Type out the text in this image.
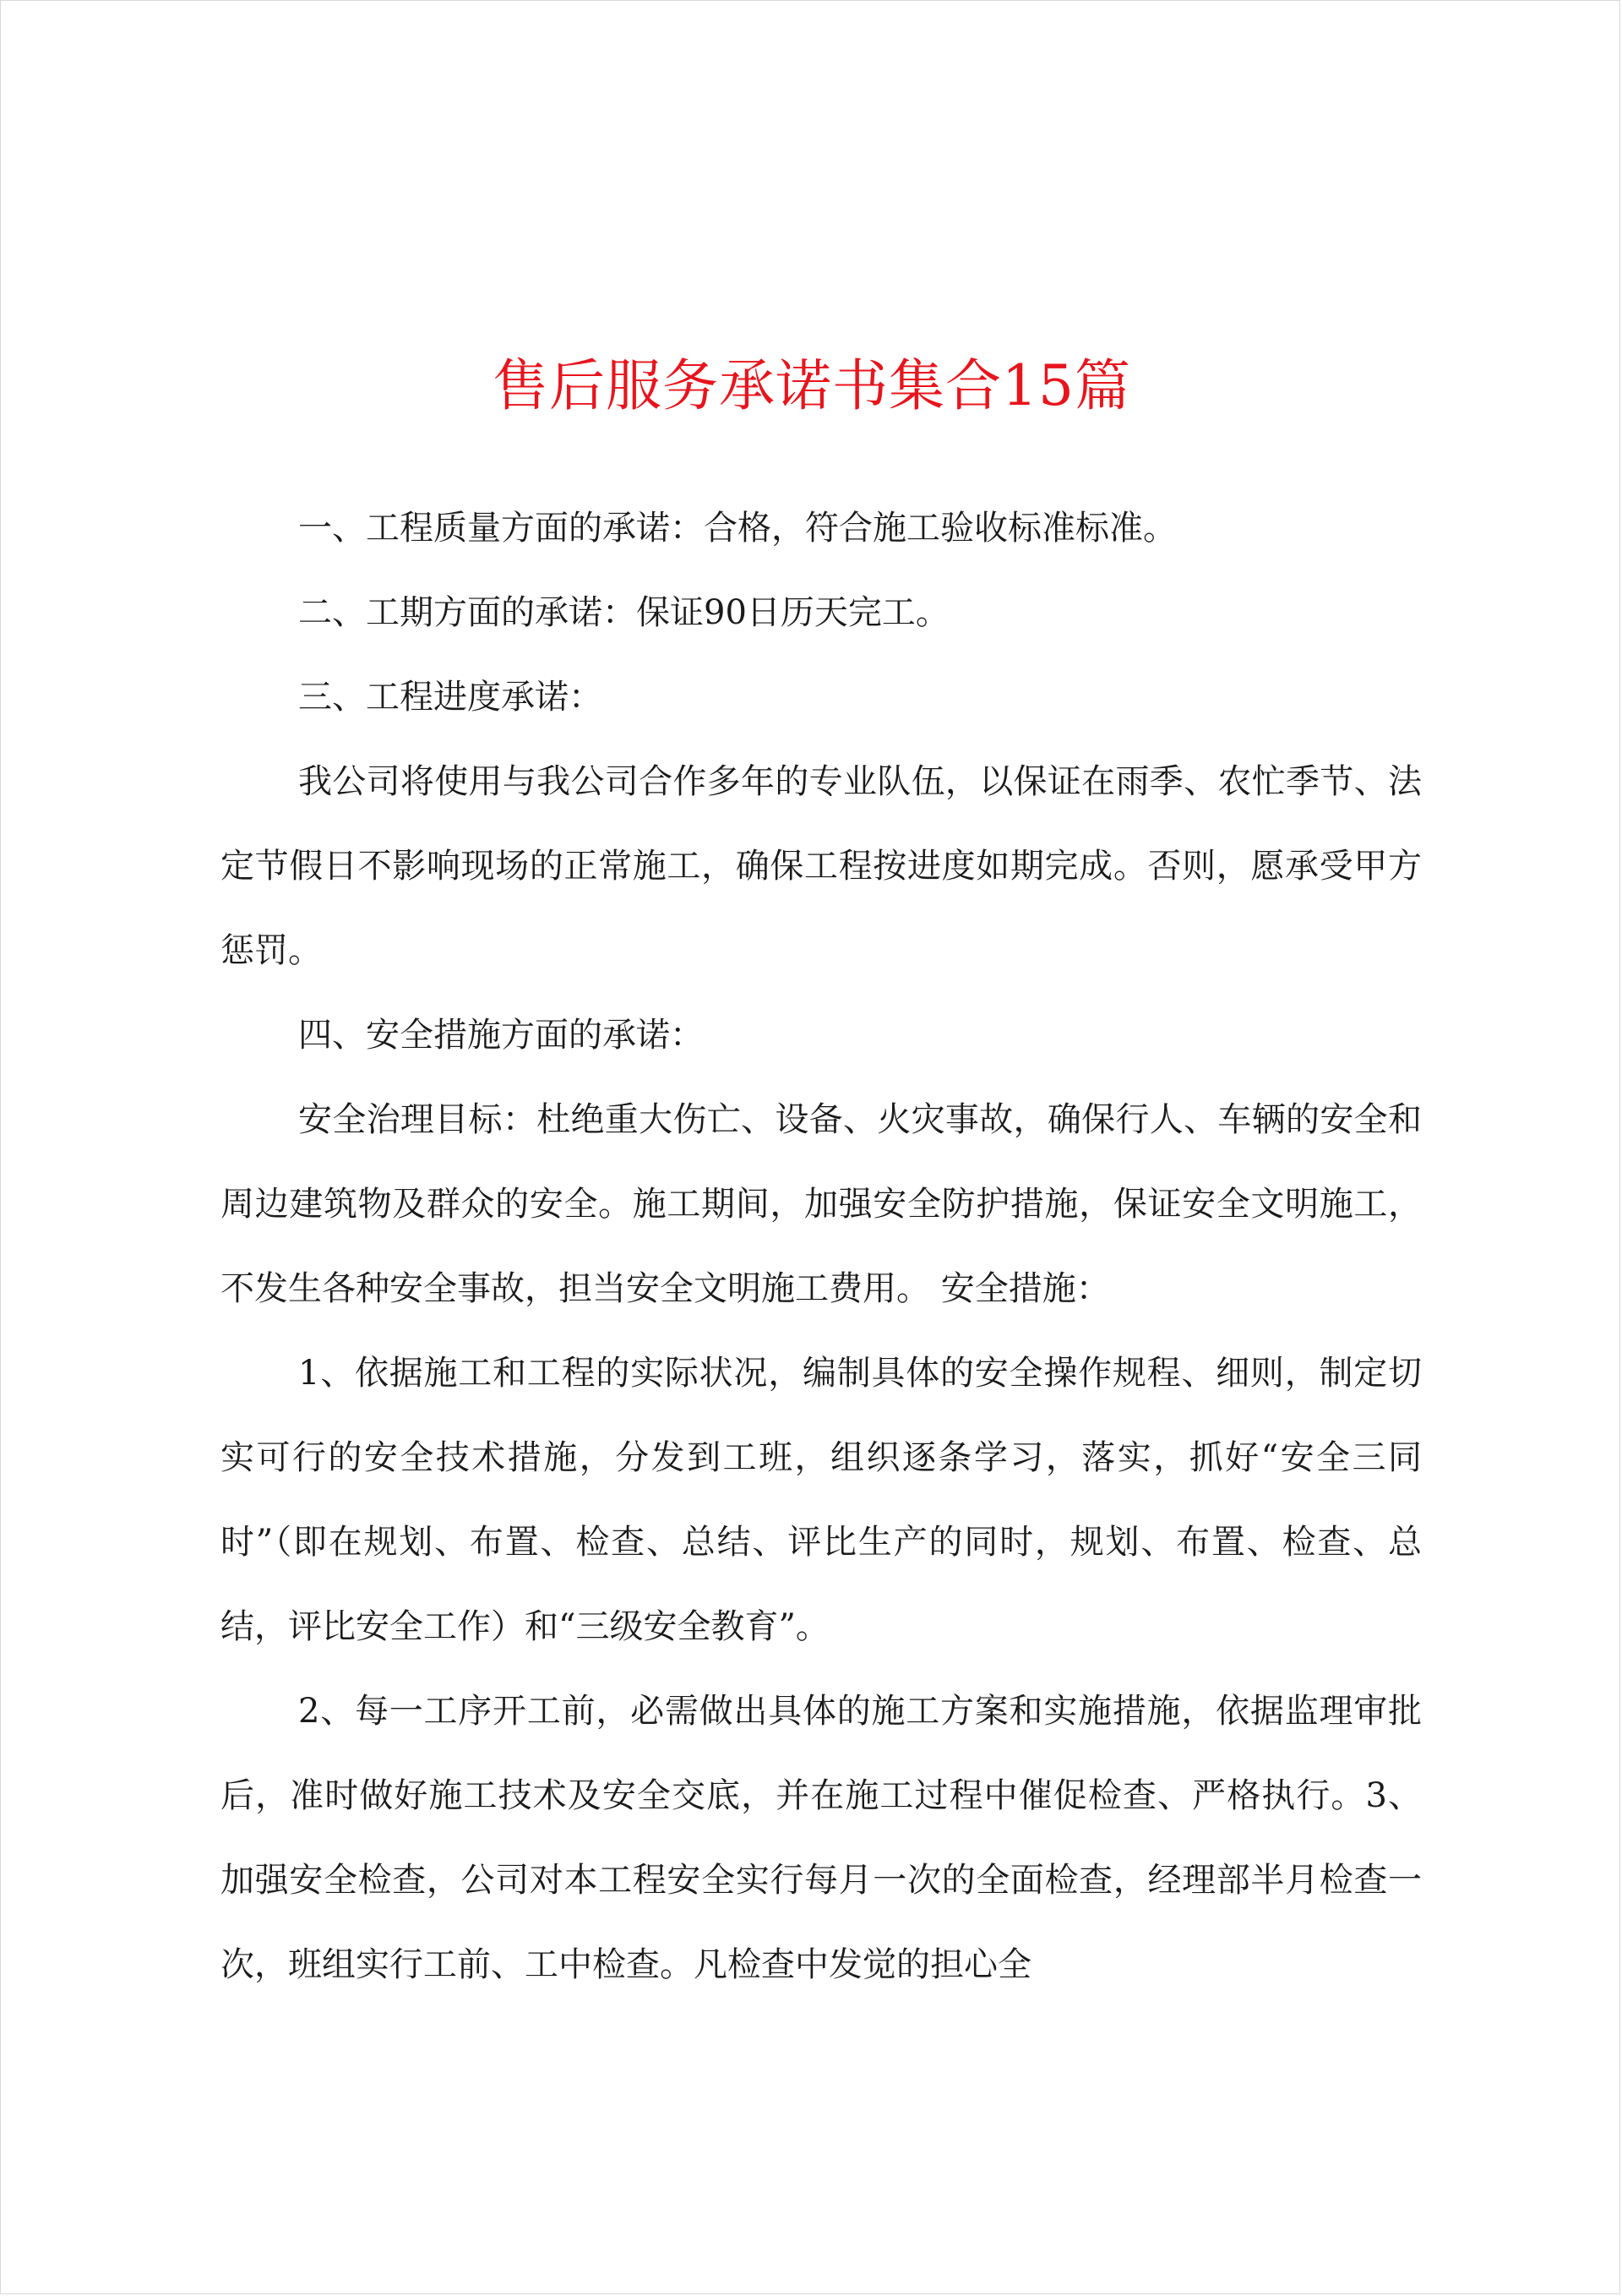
售后服务承诺书集合15篇

一、工程质量方面的承诺：合格，符合施工验收标准标准。

二、工期方面的承诺：保证90日历天完工。

三、工程进度承诺：

我公司将使用与我公司合作多年的专业队伍，以保证在雨季、农忙季节、法定节假日不影响现场的正常施工，确保工程按进度如期完成。否则，愿承受甲方惩罚。

四、安全措施方面的承诺：

安全治理目标：杜绝重大伤亡、设备、火灾事故，确保行人、车辆的安全和周边建筑物及群众的安全。施工期间，加强安全防护措施，保证安全文明施工，不发生各种安全事故，担当安全文明施工费用。 安全措施：

1、依据施工和工程的实际状况，编制具体的安全操作规程、细则，制定切实可行的安全技术措施，分发到工班，组织逐条学习，落实，抓好“安全三同时”（即在规划、布置、检查、总结、评比生产的同时，规划、布置、检查、总结，评比安全工作）和“三级安全教育”。

2、每一工序开工前，必需做出具体的施工方案和实施措施，依据监理审批后，准时做好施工技术及安全交底，并在施工过程中催促检查、严格执行。3、加强安全检查，公司对本工程安全实行每月一次的全面检查，经理部半月检查一次，班组实行工前、工中检查。凡检查中发觉的担心全
